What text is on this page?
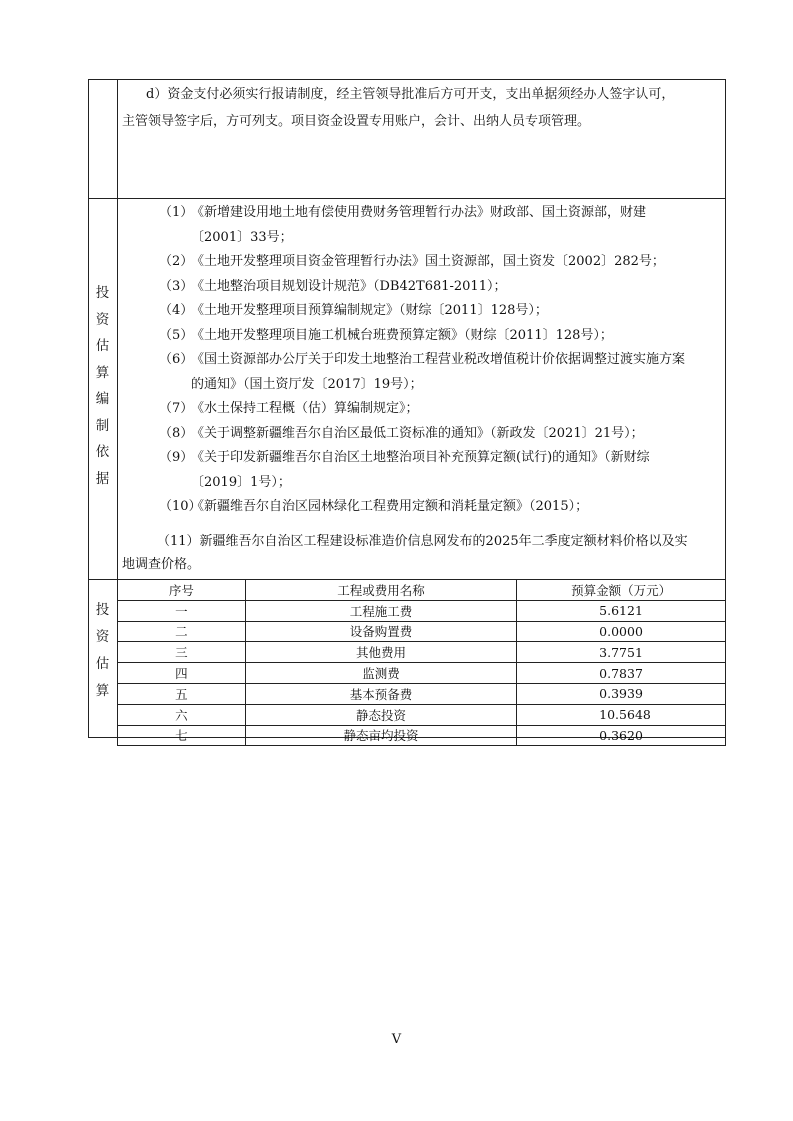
d）资金支付必须实行报请制度，经主管领导批准后方可开支，支出单据须经办人签字认可，
主管领导签字后，方可列支。项目资金设置专用账户，会计、出纳人员专项管理。
投
资
估
算
编
制
依
据
（1）
《新增建设用地土地有偿使用费财务管理暂行办法》财政部、国土资源部，财建
〔2001〕33号；
（2）
《土地开发整理项目资金管理暂行办法》国土资源部，国土资发〔2002〕282号；
（3）
《土地整治项目规划设计规范》（DB42T681-2011）；
（4）
《土地开发整理项目预算编制规定》（财综〔2011〕128号）；
（5）
《土地开发整理项目施工机械台班费预算定额》（财综〔2011〕128号）；
（6）
《国土资源部办公厅关于印发土地整治工程营业税改增值税计价依据调整过渡实施方案
的通知》（国土资厅发〔2017〕19号）；
（7）
《水土保持工程概（估）算编制规定》；
（8）
《关于调整新疆维吾尔自治区最低工资标准的通知》（新政发〔2021〕21号）；
（9）
《关于印发新疆维吾尔自治区土地整治项目补充预算定额(试行)的通知》（新财综
〔2019〕1号）；
（10）
《新疆维吾尔自治区园林绿化工程费用定额和消耗量定额》（2015）；
（11）新疆维吾尔自治区工程建设标准造价信息网发布的2025年二季度定额材料价格以及实
地调查价格。
投
资
估
算
序号	工程或费用名称	预算金额（万元）
一	工程施工费	5.6121
二	设备购置费	0.0000
三	其他费用	3.7751
四	监测费	0.7837
五	基本预备费	0.3939
六	静态投资	10.5648
七	静态亩均投资	0.3620
V
